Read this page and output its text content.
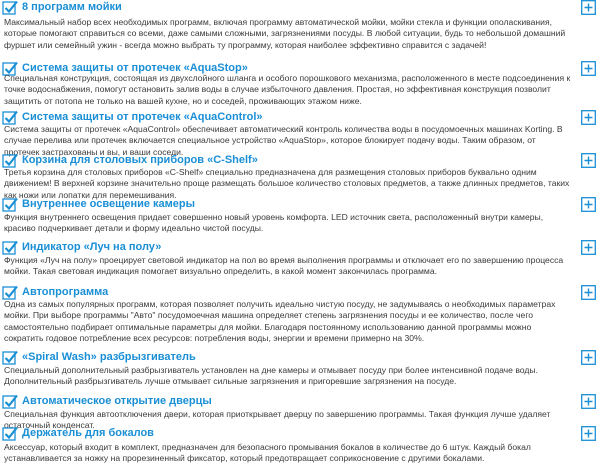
8 программ мойки
Максимальный набор всех необходимых программ, включая программу автоматической мойки, мойки стекла и функции ополаскивания, которые помогают справиться со всеми, даже самыми сложными, загрязнениями посуды. В любой ситуации, будь то небольшой домашний фуршет или семейный ужин - всегда можно выбрать ту программу, которая наиболее эффективно справится с задачей!
Система защиты от протечек «AquaStop»
Специальная конструкция, состоящая из двухслойного шланга и особого порошкового механизма, расположенного в месте подсоединения к точке водоснабжения, помогут остановить залив воды в случае избыточного давления. Простая, но эффективная конструкция позволит защитить от потопа не только на вашей кухне, но и соседей, проживающих этажом ниже.
Система защиты от протечек «AquaControl»
Система защиты от протечек «AquaControl» обеспечивает автоматический контроль количества воды в посудомоечных машинах Korting. В случае перелива или протечек включается специальное устройство «AquaStop», которое блокирует подачу воды. Таким образом, от протечек застрахованы и вы, и ваши соседи.
Корзина для столовых приборов «C-Shelf»
Третья корзина для столовых приборов «C-Shelf» специально предназначена для размещения столовых приборов буквально одним движением! В верхней корзине значительно проще размещать большое количество столовых предметов, а также длинных предметов, таких как ножи или лопатки для перемешивания.
Внутреннее освещение камеры
Функция внутреннего освещения придает совершенно новый уровень комфорта. LED источник света, расположенный внутри камеры, красиво подчеркивает детали и форму идеально чистой посуды.
Индикатор «Луч на полу»
Функция «Луч на полу» проецирует световой индикатор на пол во время выполнения программы и отключает его по завершению процесса мойки. Такая световая индикация помогает визуально определить, в какой момент закончилась программа.
Автопрограмма
Одна из самых популярных программ, которая позволяет получить идеально чистую посуду, не задумываясь о необходимых параметрах мойки. При выборе программы "Авто" посудомоечная машина определяет степень загрязнения посуды и ее количество, после чего самостоятельно подбирает оптимальные параметры для мойки. Благодаря постоянному использованию данной программы можно сократить годовое потребление всех ресурсов: потребления воды, энергии и времени примерно на 30%.
«Spiral Wash» разбрызгиватель
Специальный дополнительный разбрызгиватель установлен на дне камеры и отмывает посуду при более интенсивной подаче воды. Дополнительный разбрызгиватель лучше отмывает сильные загрязнения и пригоревшие загрязнения на посуде.
Автоматическое открытие дверцы
Специальная функция автоотключения двери, которая приоткрывает дверцу по завершению программы. Такая функция лучше удаляет остаточный конденсат.
Держатель для бокалов
Аксессуар, который входит в комплект, предназначен для безопасного промывания бокалов в количестве до 6 штук. Каждый бокал устанавливается за ножку на прорезиненный фиксатор, который предотвращает соприкосновение с другими бокалами.
